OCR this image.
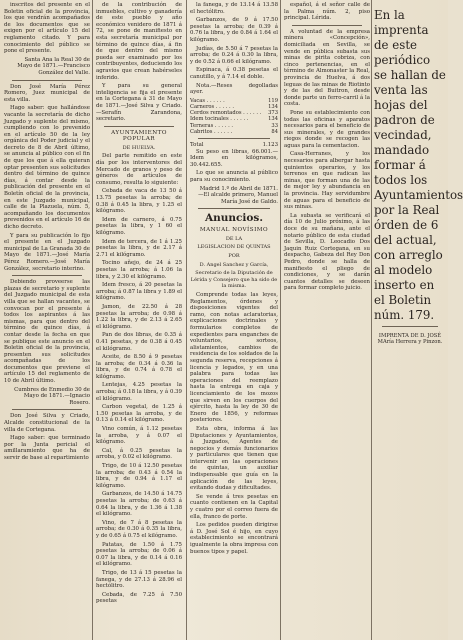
inscritos del presente en el Boletin oficial de la provincia, los que vendrán acompañados de los documentos que se exigen por el artículo 15 del reglamento citado. Y para conocimiento del público se pone el presente.

Santa Ana la Real 30 de Mayo de 1871.—Francisco González del Valle.

Don José María Pérez Romero, Juez municipal de esta villa.

Hago saber: que hallándose vacante la secretaría de dicho Juzgado y suplente del mismo, cumpliendo con lo prevenido en el artículo 50 de la ley orgánica del Poder judicial y el decreto de 8 de Abril último, se anuncia al público con el fin de que los que á ella quieran optar presenten sus solicitudes dentro del término de quince días, á contar desde la publicación del presente en el Boletín oficial de la provincia, en este Juzgado municipal, calle de la Plazuela, núm. 5, acompañando los documentos prevenidos en el artículo 16 de dicho decreto.

Y para su publicación lo fijo el presente en el Juzgado municipal de La Granada 30 de Mayo de 1871.—José María Pérez Romero.—José María González, secretario interino.

Debiendo proveerse las plazas de secretario y suplente del Juzgado municipal de esta villa que se hallan vacantes, se convocan por el presente á todos los aspirantes á las mismas, para que dentro del término de quince días, á contar desde la fecha en que se publique este anuncio en el Boletin oficial de la provincia, presenten sus solicitudes acompañadas de los documentos que previene el artículo 15 del reglamento de 10 de Abril último.

Cumbres de Enmedio 30 de Mayo de 1871.—Ignacio Rosero.

Don José Silva y Criado, Alcalde constitucional de la villa de Cortegana.

Hago saber: que terminado por la Junta pericial el amillaramiento que ha de servir de base al repartimiento

de la contribución de inmuebles, cultivo y ganadería de este pueblo y año económico venidero de 1871 á 72, se pone de manifiesto en esta secretaría municipal por término de quince días, á fin de que dentro del mismo pueda ser examinado por los contribuyentes, deduciendo los agravios que crean habérseles inferido.

Y para su general inteligencia se fija el presente en la Cortegana á 31 de Mayo de 1871.—José Silva y Criado.—Serafín Zarandona, secretario.

AYUNTAMIENTO POPULAR

DE HUELVA.

Del parte remitido en este día por los interventores del Mercado de granos y peso de géneros de artículos de consumo, resulta lo siguiente:

Cebada de vaca de 13 50 á 13.75 pesetas la arroba; de 0.38 á 0.45 la libra, y 1.25 el kilógramo.

Idem de carnero, á 0.75 pesetas la libra, y 1 60 el kilógramo.

Idem de tercera, de 1 á 1.25 pesetas la libra, y de 2.17 á 2.71 el kilógramo.

Tocino añejo, de 24 á 25 pesetas la arroba; á 1.06 la libra, y 2.30 el kilógramo.

Idem fresco, á 20 pesetas la arroba; á 0.87 la libra y 1.89 el kilógramo.

Jamon, de 22.50 á 28 pesetas la arroba; de 0.98 á 1.22 la libra, y de 2.13 á 2.65 el kilógramo.

Pan de dos libras, de 0.35 á 0.41 pesetas, y de 0.38 á 0.45 el kilógramo.

Aceite, de 8.50 á 9 pesetas la arroba; de 0.34 á 0.36 la libra, y de 0.74 á 0.78 el kilógramo.

Lentejas, 4.25 pesetas la arroba; á 0.18 la libra, y á 0.39 el kilógramo.

Carbon vegetal, de 1.25 á 1.50 pesetas la arroba, y de 0.13 á 0.14 el kilógramo.

Vino común, á 1.12 pesetas la arroba, y á 0.07 el kilógramo.

Cal, á 0.25 pesetas la arroba, y 0.02 el kilógramo.

Trigo, de 10 á 12.50 pesetas la arroba; de 0.43 á 0.54 la libra, y de 0.94 á 1.17 el kilógramo.

Garbanzos, de 14.50 á 14.75 pesetas la arroba; de 0.63 á 0.64 la libra, y de 1.36 á 1.38 el kilógramo.

Vino, de 7 á 8 pesetas la arroba; de 0.30 á 0.35 la libra, y de 0.65 á 0.75 el kilógramo.

Patatas, de 1.50 á 1.75 pesetas la arroba; de 0.06 á 0.07 la libra, y de 0.14 á 0.16 el kilógramo.

Trigo, de 13 á 15 pesetas la fanega, y de 27.13 á 28.96 el hectólitro.

Cebada, de 7.25 á 7.50 pesetas

la fanega, y de 13.14 á 13.58 el hectólitro.

Garbanzos, de 9 á 17.50 pesetas la arroba; de 0.39 á 0.76 la libra, y de 0.84 á 1.64 el kilógramo.

Judías, de 5.50 á 7 pesetas la arroba; de 0.24 á 0.30 la libra, y de 0.52 á 0.66 el kilógramo.

Espinaca, á 0.38 pesetas el canutillo, y á 7.14 el doble.

Nota.—Reses degolladas ayer.

Vacas . . . . . .	119
Carneros . . . . . .	134
Cerdos remontados . . . . . .	373
Idem tocinales . . . . . .	134
Terneras . . . . . .	33
Cabritos . . . . . .	84
Total	1.123

Su peso en libras, 66.001.—Idem en kilógramos, 30.442.655.

Lo que se anuncia al público para su conocimiento.

Madrid 1.º de Abril de 1871.—El alcalde primero, Manuel María José de Galdo.

Anuncios.

MANUAL NOVÍSIMO

DE LA

LEGISLACION DE QUINTAS

POR

D. Angel Sanchez y García,

Secretario de la Diputación de Lérida y Consejero que ha sido de la misma.

Comprende todas las leyes, Reglamentos, órdenes y disposiciones vigentes del ramo, con notas aclaratorias, explicaciones doctrinales y formularios completos de expedientes para enganches de voluntarios, sorteos, alistamientos, cambios de residencia de los soldados de la segunda reserva, recepciones á licencia y legados, y en una palabra para todas las operaciones del reemplazo hasta la entrega en caja y licenciamiento de los mozos que sirven en los cuerpos del ejército, hasta la ley de 30 de Enero de 1856, y reformas posteriores.

Esta obra, informa á las Diputaciones y Ayuntamientos, á Juzgados, Agentes de negocios y demás funcionarios y particulares que tienen que intervenir en las operaciones de quintas, un auxiliar indispensable que guía en la aplicación de las leyes, evitando dudas y dificultades.

Se vende á tres pesetas en cuanto contienen en la Capital y cuatro por el correo fuera de ella, franco de porte.

Los pedidos pueden dirigirse á D. José Sol é hijo, en cuyo establecimiento se encontrará igualmente la obra impresa con buenos tipos y papel.

español, á el señor calle de la Palma núm. 2, piso principal. Lérida.

A voluntad de la empresa minera «Concepción», domiciliada en Sevilla, se vende en pública subasta sus minas de pirita cobriza, con cinco pertenencias, en el término de Almonaster la Real, provincia de Huelva, á dos leguas de las minas de Riotinto y de las del Buitron, desde donde parte un ferro-carril á la costa.

Pone su establecimiento con todas las oficinas y aparatos necesarios para el beneficio de sus minerales, y de grandes riegos donde se recogen las aguas para la cementacion.

Casa-Herranes, y los necesarios para albergar hasta quinientos operarios, y los terrenos en que radican las minas, que forman una de las de mejor ley y abundancia en la provincia. Hay servidumbre de aguas para el beneficio de sus minas.

La subasta se verificará el día 10 de Julio próximo, á las doce de su mañana, ante el notario público de esta ciudad de Sevilla, D. Leocadio Dos Jaquin Ruiz Cortegana, en su despacho, Gabeza del Rey Don Pedro, donde se halla de manifiesto el pliego de condiciones, y se darán cuantos detalles se deseen para formar completo juicio.

En la imprenta de este periódico se hallan de venta las hojas del padron de vecindad, mandado formar á todos los Ayuntamientos por la Real órden de 6 del actual, con arreglo al modelo inserto en el Boletin núm. 179.
IMPRENTA DE D. JOSÉ MAría Herrera y Pinzon.
